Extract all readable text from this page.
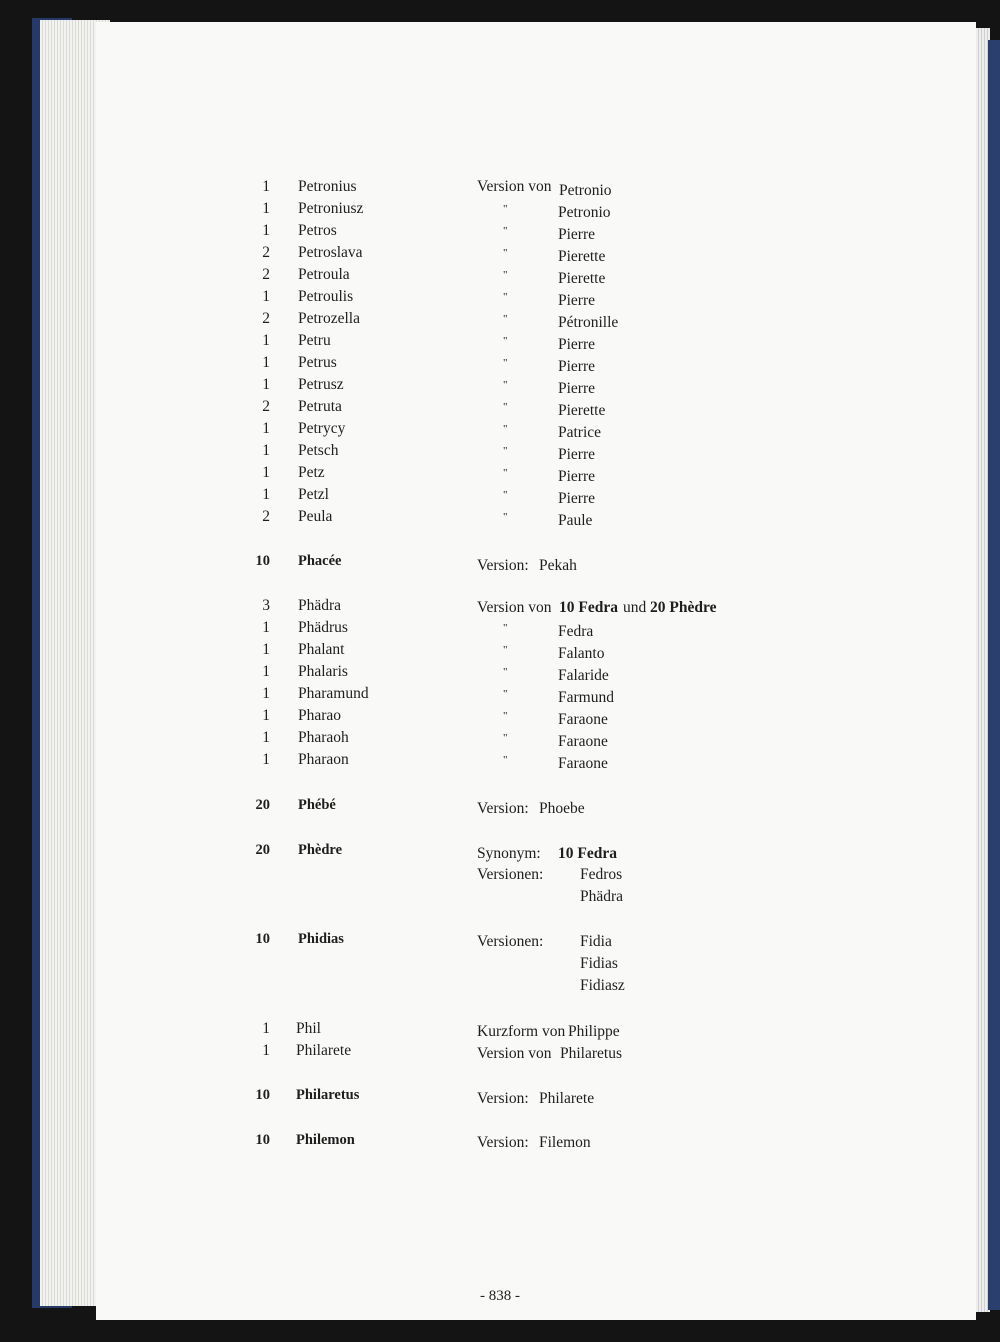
1 Petronius	Version von Petronio
1 Petroniusz	"	Petronio
1 Petros	"	Pierre
2 Petroslava	"	Pierette
2 Petroula	"	Pierette
1 Petroulis	"	Pierre
2 Petrozella	"	Pétronille
1 Petru	"	Pierre
1 Petrus	"	Pierre
1 Petrusz	"	Pierre
2 Petruta	"	Pierette
1 Petrycy	"	Patrice
1 Petsch	"	Pierre
1 Petz	"	Pierre
1 Petzl	"	Pierre
2 Peula	"	Paule
10 Phacée	Version: Pekah
3 Phädra	Version von 10 Fedra und 20 Phèdre
1 Phädrus	"	Fedra
1 Phalant	"	Falanto
1 Phalaris	"	Falaride
1 Pharamund	"	Farmund
1 Pharao	"	Faraone
1 Pharaoh	"	Faraone
1 Pharaon	"	Faraone
20 Phébé	Version: Phoebe
20 Phèdre	Synonym: 10 Fedra
Versionen: Fedros
Phädra
10 Phidias	Versionen: Fidia
Fidias
Fidiasz
1 Phil	Kurzform von Philippe
1 Philarete	Version von Philaretus
10 Philaretus	Version: Philarete
10 Philemon	Version: Filemon
- 838 -
